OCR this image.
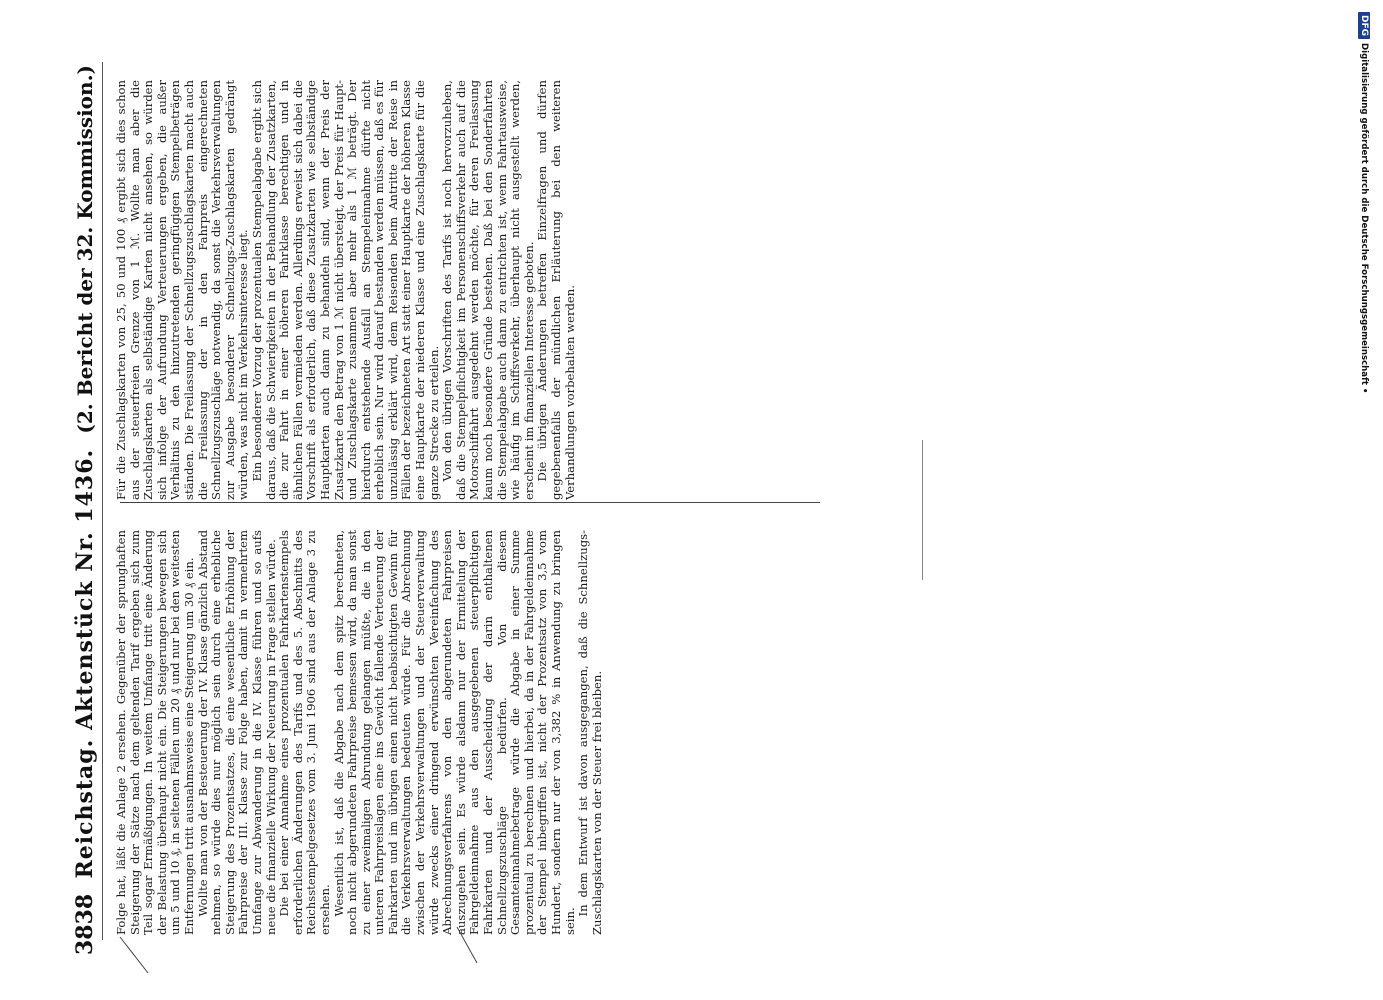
3838
Reichstag. Aktenstück Nr. 1436.
(2. Bericht der 32. Kommission.)

Folge hat, läßt die Anlage 2 ersehen. Gegenüber der sprunghaften Steigerung der Sätze nach dem geltenden Tarif ergeben sich zum Teil sogar Ermäßigungen. In weitem Umfange tritt eine Änderung der Belastung überhaupt nicht ein. Die Steigerungen bewegen sich um 5 und 10 ₰, in seltenen Fällen um 20 ₰ und nur bei den weitesten Entfernungen tritt ausnahmsweise eine Steigerung um 30 ₰ ein. Wollte man von der Besteuerung der IV. Klasse gänzlich Abstand nehmen, so würde dies nur möglich sein durch eine erhebliche Steigerung des Prozentsatzes, die eine wesentliche Erhöhung der Fahrpreise der III. Klasse zur Folge haben, damit in vermehrtem Umfange zur Abwanderung in die IV. Klasse führen und so aufs neue die finanzielle Wirkung der Neuerung in Frage stellen würde. Die bei einer Annahme eines prozentualen Fahrkartenstempels erforderlichen Änderungen des Tarifs und des 5. Abschnitts des Reichsstempelgesetzes vom 3. Juni 1906 sind aus der Anlage 3 zu ersehen. Wesentlich ist, daß die Abgabe nach dem spitz berechneten, noch nicht abgerundeten Fahrpreise bemessen wird, da man sonst zu einer zweimaligen Abrundung gelangen müßte, die in den unteren Fahrpreislagen eine ins Gewicht fallende Verteuerung der Fahrkarten und im übrigen einen nicht beabsichtigten Gewinn für die Verkehrsverwaltungen bedeuten würde. Für die Abrechnung zwischen der Verkehrsverwaltungen und der Steuerverwaltung würde zwecks einer dringend erwünschten Vereinfachung des Abrechnungsverfahrens von den abgerundeten Fahrpreisen auszugehen sein. Es würde alsdann nur der Ermittelung der Fahrgeldeinnahme aus den ausgegebenen steuerpflichtigen Fahrkarten und der Ausscheidung der darin enthaltenen Schnellzugszuschläge bedürfen. Von diesem Gesamteinnahmebetrage würde die Abgabe in einer Summe prozentual zu berechnen und hierbei, da in der Fahrgeldeinnahme der Stempel inbegriffen ist, nicht der Prozentsatz von 3,5 vom Hundert, sondern nur der von 3,382 % in Anwendung zu bringen sein.

In dem Entwurf ist davon ausgegangen, daß die Schnellzugs-Zuschlagskarten von der Steuer frei bleiben.

Für die Zuschlagskarten von 25, 50 und 100 ₰ ergibt sich dies schon aus der steuerfreien Grenze von 1 ℳ. Wollte man aber die Zuschlagskarten als selbständige Karten nicht ansehen, so würden sich infolge der Aufrundung Verteuerungen ergeben, die außer Verhältnis zu den hinzutretenden geringfügigen Stempelbeträgen ständen. Die Freilassung der Schnellzugszuschlagskarten macht auch die Freilassung der in den Fahrpreis eingerechneten Schnellzugszuschläge notwendig, da sonst die Verkehrsverwaltungen zur Ausgabe besonderer Schnellzugs-Zuschlagskarten gedrängt würden, was nicht im Verkehrsinteresse liegt. Ein besonderer Vorzug der prozentualen Stempelabgabe ergibt sich daraus, daß die Schwierigkeiten in der Behandlung der Zusatzkarten, die zur Fahrt in einer höheren Fahrklasse berechtigen und in ähnlichen Fällen vermieden werden. Allerdings erweist sich dabei die Vorschrift als erforderlich, daß diese Zusatzkarten wie selbständige Hauptkarten auch dann zu behandeln sind, wenn der Preis der Zusatzkarte den Betrag von 1 ℳ nicht übersteigt, der Preis für Haupt- und Zuschlagskarte zusammen aber mehr als 1 ℳ beträgt. Der hierdurch entstehende Ausfall an Stempeleinnahme dürfte nicht erheblich sein. Nur wird darauf bestanden werden müssen, daß es für unzulässig erklärt wird, dem Reisenden beim Antritte der Reise in Fällen der bezeichneten Art statt einer Hauptkarte der höheren Klasse eine Hauptkarte der niederen Klasse und eine Zuschlagskarte für die ganze Strecke zu erteilen. Von den übrigen Vorschriften des Tarifs ist noch hervorzuheben, daß die Stempelpflichtigkeit im Personenschiffsverkehr auch auf die Motorschiffahrt ausgedehnt werden möchte, für deren Freilassung kaum noch besondere Gründe bestehen. Daß bei den Sonderfahrten die Stempelabgabe auch dann zu entrichten ist, wenn Fahrtausweise, wie häufig im Schiffsverkehr, überhaupt nicht ausgestellt werden, erscheint im finanziellen Interesse geboten. Die übrigen Änderungen betreffen Einzelfragen und dürfen gegebenenfalls der mündlichen Erläuterung bei den weiteren Verhandlungen vorbehalten werden.

DFG
Digitalisierung gefördert durch die Deutsche Forschungsgemeinschaft •
